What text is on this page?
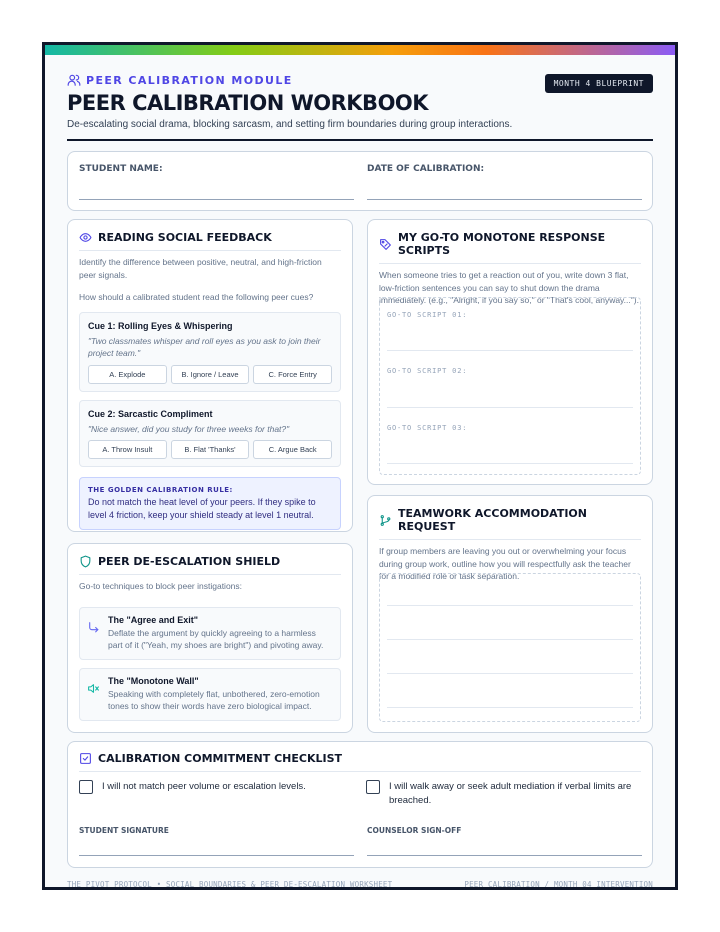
PEER CALIBRATION MODULE	MONTH 4 BLUEPRINT
PEER CALIBRATION WORKBOOK
De-escalating social drama, blocking sarcasm, and setting firm boundaries during group interactions.
STUDENT NAME:	DATE OF CALIBRATION:
READING SOCIAL FEEDBACK
Identify the difference between positive, neutral, and high-friction peer signals.
How should a calibrated student read the following peer cues?
Cue 1: Rolling Eyes & Whispering
"Two classmates whisper and roll eyes as you ask to join their project team."
A. Explode	B. Ignore / Leave	C. Force Entry
Cue 2: Sarcastic Compliment
"Nice answer, did you study for three weeks for that?"
A. Throw Insult	B. Flat 'Thanks'	C. Argue Back
THE GOLDEN CALIBRATION RULE:
Do not match the heat level of your peers. If they spike to level 4 friction, keep your shield steady at level 1 neutral.
PEER DE-ESCALATION SHIELD
Go-to techniques to block peer instigations:
The "Agree and Exit"
Deflate the argument by quickly agreeing to a harmless part of it ("Yeah, my shoes are bright") and pivoting away.
The "Monotone Wall"
Speaking with completely flat, unbothered, zero-emotion tones to show their words have zero biological impact.
MY GO-TO MONOTONE RESPONSE SCRIPTS
When someone tries to get a reaction out of you, write down 3 flat, low-friction sentences you can say to shut down the drama immediately. (e.g., "Alright, if you say so," or "That's cool, anyway...").
GO-TO SCRIPT 01:
GO-TO SCRIPT 02:
GO-TO SCRIPT 03:
TEAMWORK ACCOMMODATION REQUEST
If group members are leaving you out or overwhelming your focus during group work, outline how you will respectfully ask the teacher for a modified role or task separation.
CALIBRATION COMMITMENT CHECKLIST
I will not match peer volume or escalation levels.	I will walk away or seek adult mediation if verbal limits are breached.
STUDENT SIGNATURE	COUNSELOR SIGN-OFF
THE PIVOT PROTOCOL • SOCIAL BOUNDARIES & PEER DE-ESCALATION WORKSHEET	PEER CALIBRATION / MONTH 04 INTERVENTION
